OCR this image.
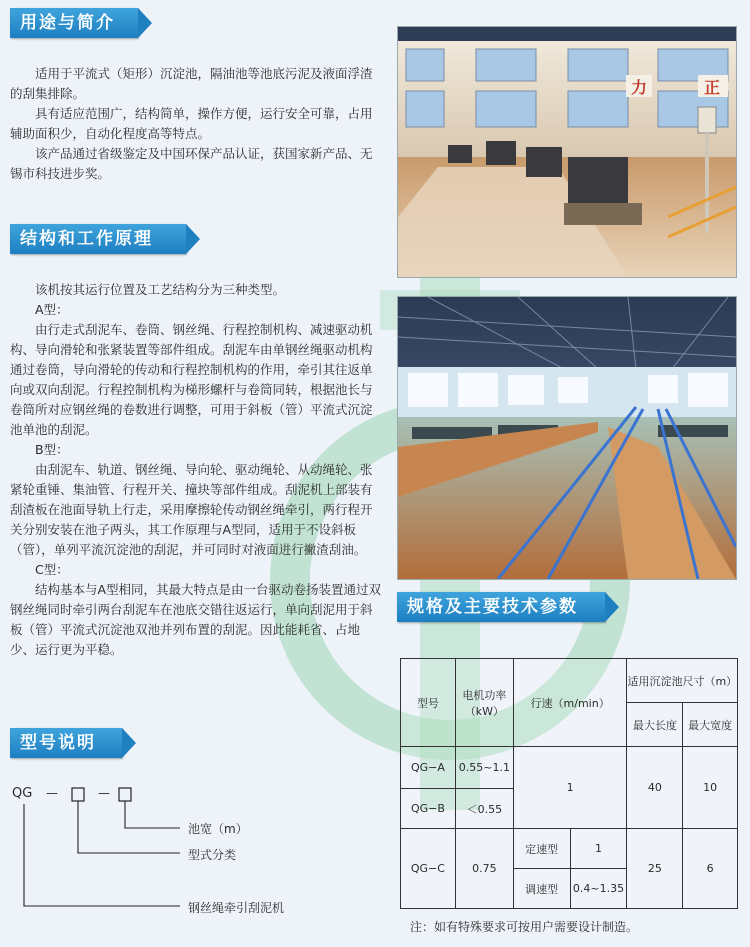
用途与简介

适用于平流式（矩形）沉淀池，隔油池等池底污泥及液面浮渣的刮集排除。

具有适应范围广，结构简单，操作方便，运行安全可靠，占用辅助面积少，自动化程度高等特点。

该产品通过省级鉴定及中国环保产品认证，获国家新产品、无锡市科技进步奖。

力	正
结构和工作原理

该机按其运行位置及工艺结构分为三种类型。

A型：

由行走式刮泥车、卷筒、钢丝绳、行程控制机构、减速驱动机构、导向滑轮和张紧装置等部件组成。刮泥车由单钢丝绳驱动机构通过卷筒，导向滑轮的传动和行程控制机构的作用，牵引其往返单向或双向刮泥。行程控制机构为梯形螺杆与卷筒同转，根据池长与卷筒所对应钢丝绳的卷数进行调整，可用于斜板（管）平流式沉淀池单池的刮泥。

B型：

由刮泥车、轨道、钢丝绳、导向轮、驱动绳轮、从动绳轮、张紧轮重锤、集油管、行程开关、撞块等部件组成。刮泥机上部装有刮渣板在池面导轨上行走，采用摩擦轮传动钢丝绳牵引，两行程开关分别安装在池子两头，其工作原理与A型同，适用于不设斜板（管），单列平流沉淀池的刮泥，并可同时对液面进行撇渣刮油。

C型：

结构基本与A型相同，其最大特点是由一台驱动卷扬装置通过双钢丝绳同时牵引两台刮泥车在池底交错往返运行，单向刮泥用于斜板（管）平流式沉淀池双池并列布置的刮泥。因此能耗省、占地少、运行更为平稳。

规格及主要技术参数
型号	电机功率（kW）	行速（m/min）		适用沉淀池尺寸（m）	
				最大长度	最大宽度
QG−A	0.55~1.1	1		40	10
QG−B	＜0.55				
QG−C	0.75	定速型	1	25	6
		调速型	0.4~1.35		
注：如有特殊要求可按用户需要设计制造。
型号说明
QG —	—
池宽（m）
型式分类
钢丝绳牵引刮泥机
